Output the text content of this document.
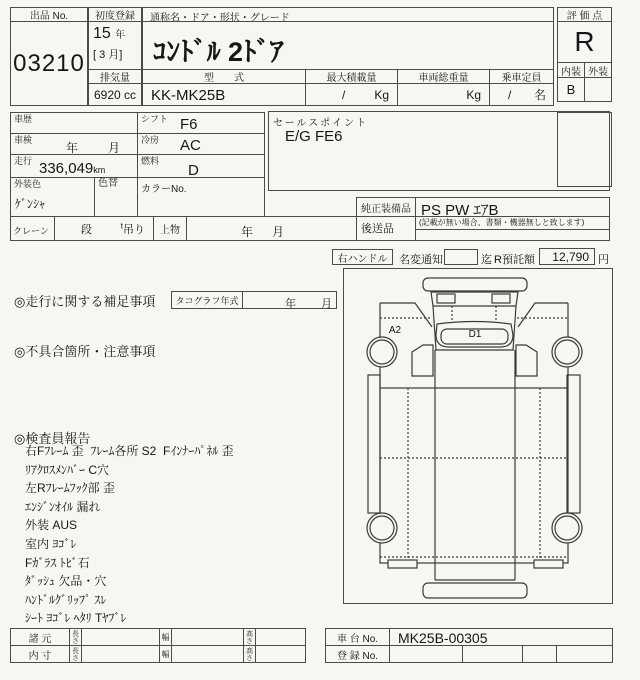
出品 No.
03210
初度登録
15 年
[ 3 月]
通称名・ドア・形状・グレード
ｺﾝﾄﾞﾙ 2ﾄﾞｱ
排気量
6920 cc
型　　式
KK-MK25B
最大積載量
/ Kg
車両総重量
Kg
乗車定員
/ 名
評 価 点
R
内装 外装
B
車歴	シフト F6
車検
年 月
冷房 AC
走行 336,049km
燃料
D
外装色
ｹﾞﾝｼｬ
色替
カラーNo.
クレーン	段	$^t$吊り	上物	年 月
セールスポイント
E/G FE6
純正装備品 PS PW ｴｱB
後送品
(記載が無い場合、書類・機器無しと致します)
右ハンドル	名変通知	迄 R預託額	12,790 円
◎走行に関する補足事項	タコグラフ年式	年 月
◎不具合箇所・注意事項
◎検査員報告
右Fﾌﾚｰﾑ 歪  ﾌﾚｰﾑ各所 S2  Fｲﾝﾅｰﾊﾟﾈﾙ 歪
ﾘｱｸﾛｽﾒﾝﾊﾞｰ C穴
左Rﾌﾚｰﾑﾌｯｸ部 歪
ｴﾝｼﾞﾝｵｲﾙ 漏れ
外装 AUS
室内 ﾖｺﾞﾚ
Fｶﾞﾗｽ ﾄﾋﾞ石
ﾀﾞｯｼｭ 欠品・穴
ﾊﾝﾄﾞﾙｸﾞﾘｯﾌﾟ ｽﾚ
ｼｰﾄ ﾖｺﾞﾚ ﾍﾀﾘ Tﾔﾌﾞﾚ
A2	D1
諸 元	長さ	幅	高さ
内 寸	長さ	幅	高さ
車 台 No.	MK25B-00305
登 録 No.
